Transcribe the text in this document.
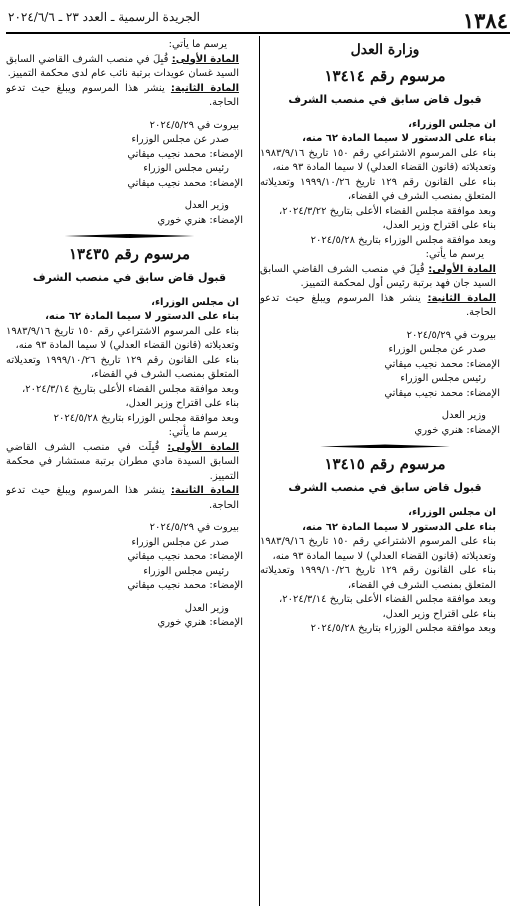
١٣٨٤
الجريدة الرسمية ـ العدد ٢٣ ـ ٢٠٢٤/٦/٦

وزارة العدل

مرسوم رقم ١٣٤١٤

قبول قاض سابق في منصب الشرف

ان مجلس الوزراء،

بناء على الدستور لا سيما المادة ٦٢ منه،

بناء على المرسوم الاشتراعي رقم ١٥٠ تاريخ ١٩٨٣/٩/١٦ وتعديلاته (قانون القضاء العدلي) لا سيما المادة ٩٣ منه،

بناء على القانون رقم ١٢٩ تاريخ ١٩٩٩/١٠/٢٦ وتعديلاته المتعلق بمنصب الشرف في القضاء،

وبعد موافقة مجلس القضاء الأعلى بتاريخ ٢٠٢٤/٣/٢٢،

بناء على اقتراح وزير العدل،

وبعد موافقة مجلس الوزراء بتاريخ ٢٠٢٤/٥/٢٨

يرسم ما يأتي:

المادة الأولى: قُبِلَ في منصب الشرف القاضي السابق السيد جان فهد برتبة رئيس أول لمحكمة التمييز.

المادة الثانية: ينشر هذا المرسوم ويبلغ حيث تدعو الحاجة.

بيروت في ٢٠٢٤/٥/٢٩

صدر عن مجلس الوزراء

الإمضاء: محمد نجيب ميقاتي

رئيس مجلس الوزراء

الإمضاء: محمد نجيب ميقاتي

وزير العدل

الإمضاء: هنري خوري

مرسوم رقم ١٣٤١٥

قبول قاض سابق في منصب الشرف

ان مجلس الوزراء،

بناء على الدستور لا سيما المادة ٦٢ منه،

بناء على المرسوم الاشتراعي رقم ١٥٠ تاريخ ١٩٨٣/٩/١٦ وتعديلاته (قانون القضاء العدلي) لا سيما المادة ٩٣ منه،

بناء على القانون رقم ١٢٩ تاريخ ١٩٩٩/١٠/٢٦ وتعديلاته المتعلق بمنصب الشرف في القضاء،

وبعد موافقة مجلس القضاء الأعلى بتاريخ ٢٠٢٤/٣/١٤،

بناء على اقتراح وزير العدل،

وبعد موافقة مجلس الوزراء بتاريخ ٢٠٢٤/٥/٢٨

يرسم ما يأتي:

المادة الأولى: قُبِلَ في منصب الشرف القاضي السابق السيد غسان عويدات برتبة نائب عام لدى محكمة التمييز.

المادة الثانية: ينشر هذا المرسوم ويبلغ حيث تدعو الحاجة.

بيروت في ٢٠٢٤/٥/٢٩

صدر عن مجلس الوزراء

الإمضاء: محمد نجيب ميقاتي

رئيس مجلس الوزراء

الإمضاء: محمد نجيب ميقاتي

وزير العدل

الإمضاء: هنري خوري

مرسوم رقم ١٣٤٣٥

قبول قاض سابق في منصب الشرف

ان مجلس الوزراء،

بناء على الدستور لا سيما المادة ٦٢ منه،

بناء على المرسوم الاشتراعي رقم ١٥٠ تاريخ ١٩٨٣/٩/١٦ وتعديلاته (قانون القضاء العدلي) لا سيما المادة ٩٣ منه،

بناء على القانون رقم ١٢٩ تاريخ ١٩٩٩/١٠/٢٦ وتعديلاته المتعلق بمنصب الشرف في القضاء،

وبعد موافقة مجلس القضاء الأعلى بتاريخ ٢٠٢٤/٣/١٤،

بناء على اقتراح وزير العدل،

وبعد موافقة مجلس الوزراء بتاريخ ٢٠٢٤/٥/٢٨

يرسم ما يأتي:

المادة الأولى: قُبِلَت في منصب الشرف القاضي السابق السيدة مادي مطران برتبة مستشار في محكمة التمييز.

المادة الثانية: ينشر هذا المرسوم ويبلغ حيث تدعو الحاجة.

بيروت في ٢٠٢٤/٥/٢٩

صدر عن مجلس الوزراء

الإمضاء: محمد نجيب ميقاتي

رئيس مجلس الوزراء

الإمضاء: محمد نجيب ميقاتي

وزير العدل

الإمضاء: هنري خوري
